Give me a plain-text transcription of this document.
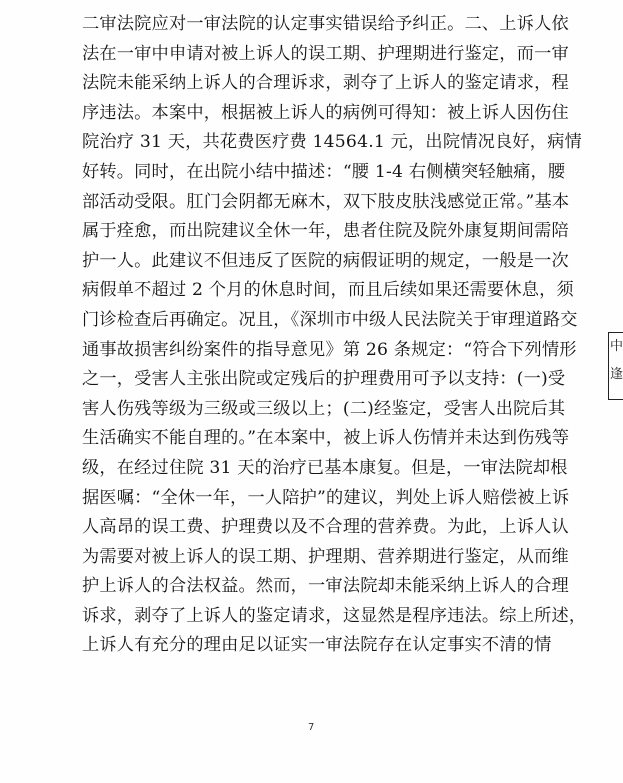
二审法院应对一审法院的认定事实错误给予纠正。二、上诉人依
法在一审中申请对被上诉人的误工期、护理期进行鉴定，而一审
法院未能采纳上诉人的合理诉求，剥夺了上诉人的鉴定请求，程
序违法。本案中，根据被上诉人的病例可得知：被上诉人因伤住
院治疗 31 天，共花费医疗费 14564.1 元，出院情况良好，病情
好转。同时，在出院小结中描述：“腰 1-4 右侧横突轻触痛，腰
部活动受限。肛门会阴都无麻木，双下肢皮肤浅感觉正常。”基本
属于痊愈，而出院建议全休一年，患者住院及院外康复期间需陪
护一人。此建议不但违反了医院的病假证明的规定，一般是一次
病假单不超过 2 个月的休息时间，而且后续如果还需要休息，须
门诊检查后再确定。况且，《深圳市中级人民法院关于审理道路交
通事故损害纠纷案件的指导意见》第 26 条规定：“符合下列情形
之一，受害人主张出院或定残后的护理费用可予以支持：(一)受
害人伤残等级为三级或三级以上；(二)经鉴定，受害人出院后其
生活确实不能自理的。”在本案中，被上诉人伤情并未达到伤残等
级，在经过住院 31 天的治疗已基本康复。但是，一审法院却根
据医嘱：“全休一年，一人陪护”的建议，判处上诉人赔偿被上诉
人高昂的误工费、护理费以及不合理的营养费。为此，上诉人认
为需要对被上诉人的误工期、护理期、营养期进行鉴定，从而维
护上诉人的合法权益。然而，一审法院却未能采纳上诉人的合理
诉求，剥夺了上诉人的鉴定请求，这显然是程序违法。综上所述，
上诉人有充分的理由足以证实一审法院存在认定事实不清的情
中
逢
7
